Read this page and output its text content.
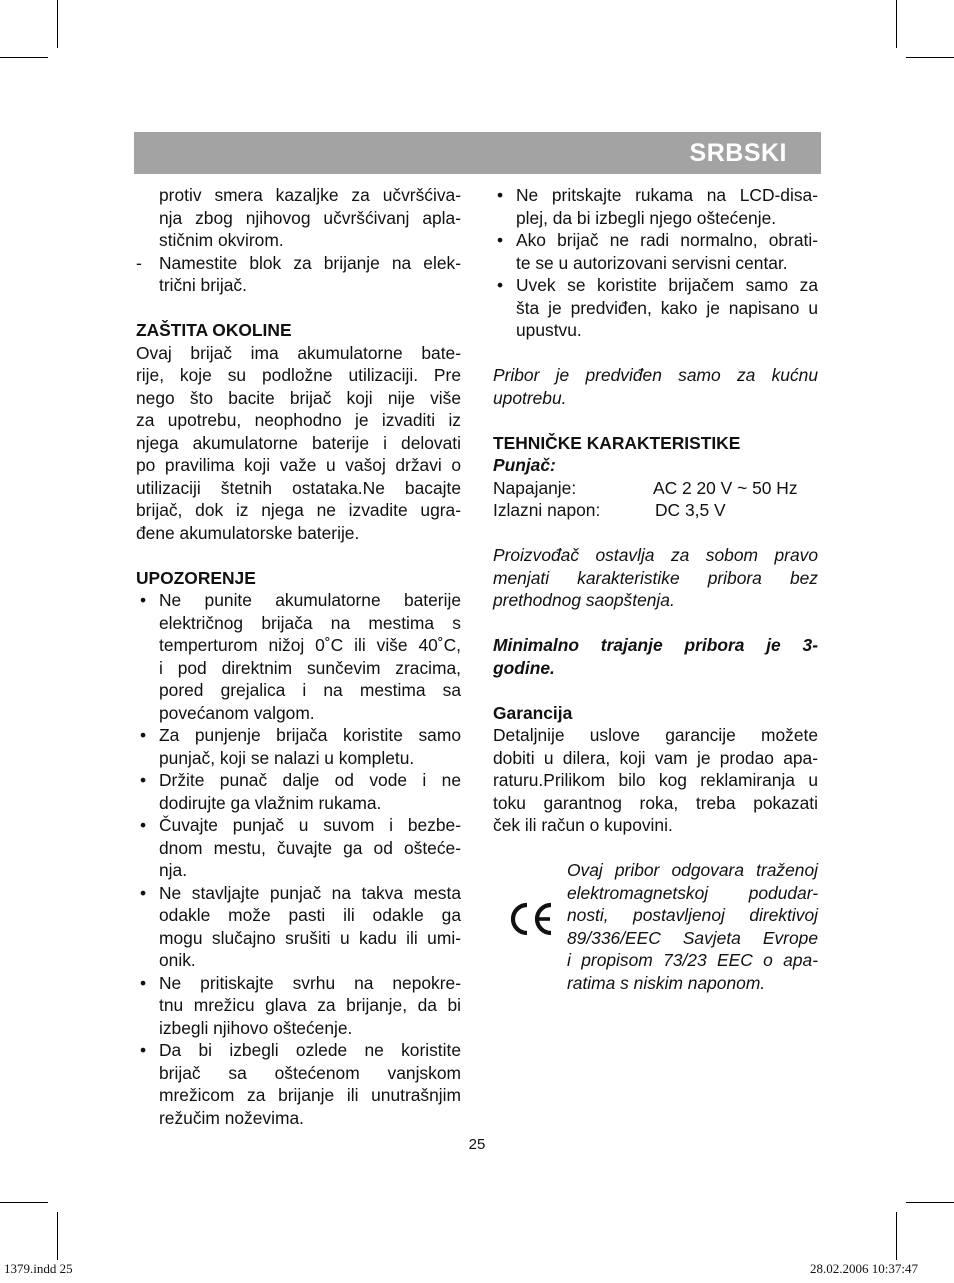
SRBSKI
protiv smera kazaljke za učvršćiva-
nja zbog njihovog učvršćivanj apla-
stičnim okvirom.
- Namestite blok za brijanje na elek-
trični brijač.
ZAŠTITA OKOLINE
Ovaj brijač ima akumulatorne bate-
rije, koje su podložne utilizaciji. Pre
nego što bacite brijač koji nije više
za upotrebu, neophodno je izvaditi iz
njega akumulatorne baterije i delovati
po pravilima koji važe u vašoj državi o
utilizaciji štetnih ostataka.Ne bacajte
brijač, dok iz njega ne izvadite ugra-
đene akumulatorske baterije.
UPOZORENJE
• Ne punite akumulatorne baterije
električnog brijača na mestima s
temperturom nižoj 0˚C ili više 40˚C,
i pod direktnim sunčevim zracima,
pored grejalica i na mestima sa
povećanom valgom.
• Za punjenje brijača koristite samo
punjač, koji se nalazi u kompletu.
• Držite punač dalje od vode i ne
dodirujte ga vlažnim rukama.
• Čuvajte punjač u suvom i bezbe-
dnom mestu, čuvajte ga od ošteće-
nja.
• Ne stavljajte punjač na takva mesta
odakle može pasti ili odakle ga
mogu slučajno srušiti u kadu ili umi-
onik.
• Ne pritiskajte svrhu na nepokre-
tnu mrežicu glava za brijanje, da bi
izbegli njihovo oštećenje.
• Da bi izbegli ozlede ne koristite
brijač sa oštećenom vanjskom
mrežicom za brijanje ili unutrašnjim
režučim noževima.
• Ne pritskajte rukama na LCD-disa-
plej, da bi izbegli njego oštećenje.
• Ako brijač ne radi normalno, obrati-
te se u autorizovani servisni centar.
• Uvek se koristite brijačem samo za
šta je predviđen, kako je napisano u
upustvu.
Pribor je predviđen samo za kućnu
upotrebu.
TEHNIČKE KARAKTERISTIKE
Punjač:
Napajanje:	AC 2 20 V ~ 50 Hz
Izlazni napon:	DC 3,5 V
Proizvođač ostavlja za sobom pravo
menjati karakteristike pribora bez
prethodnog saopštenja.
Minimalno trajanje pribora je 3-
godine.
Garancija
Detaljnije uslove garancije možete
dobiti u dilera, koji vam je prodao apa-
raturu.Prilikom bilo kog reklamiranja u
toku garantnog roka, treba pokazati
ček ili račun o kupovini.
Ovaj pribor odgovara traženoj
elektromagnetskoj podudar-
nosti, postavljenoj direktivoj
89/336/EEC Savjeta Evrope
i propisom 73/23 EEC o apa-
ratima s niskim naponom.
25
1379.indd 25	28.02.2006 10:37:47
